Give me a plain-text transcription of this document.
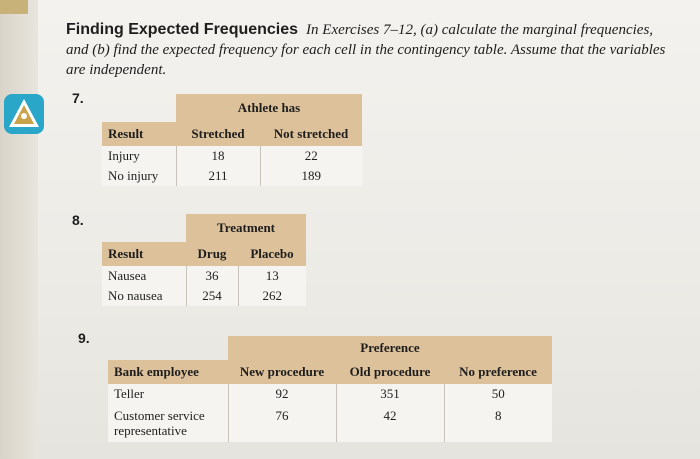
Finding Expected Frequencies In Exercises 7–12, (a) calculate the marginal frequencies, and (b) find the expected frequency for each cell in the contingency table. Assume that the variables are independent.
7.
	Athlete has	
Result	Stretched	Not stretched
Injury	18	22
No injury	211	189
8.
		Treatment	
Result	Drug	Placebo
Nausea	36	13
No nausea	254	262
9.
	Preference		
Bank employee	New procedure	Old procedure	No preference
Teller	92	351	50
Customer service representative	76	42	8
